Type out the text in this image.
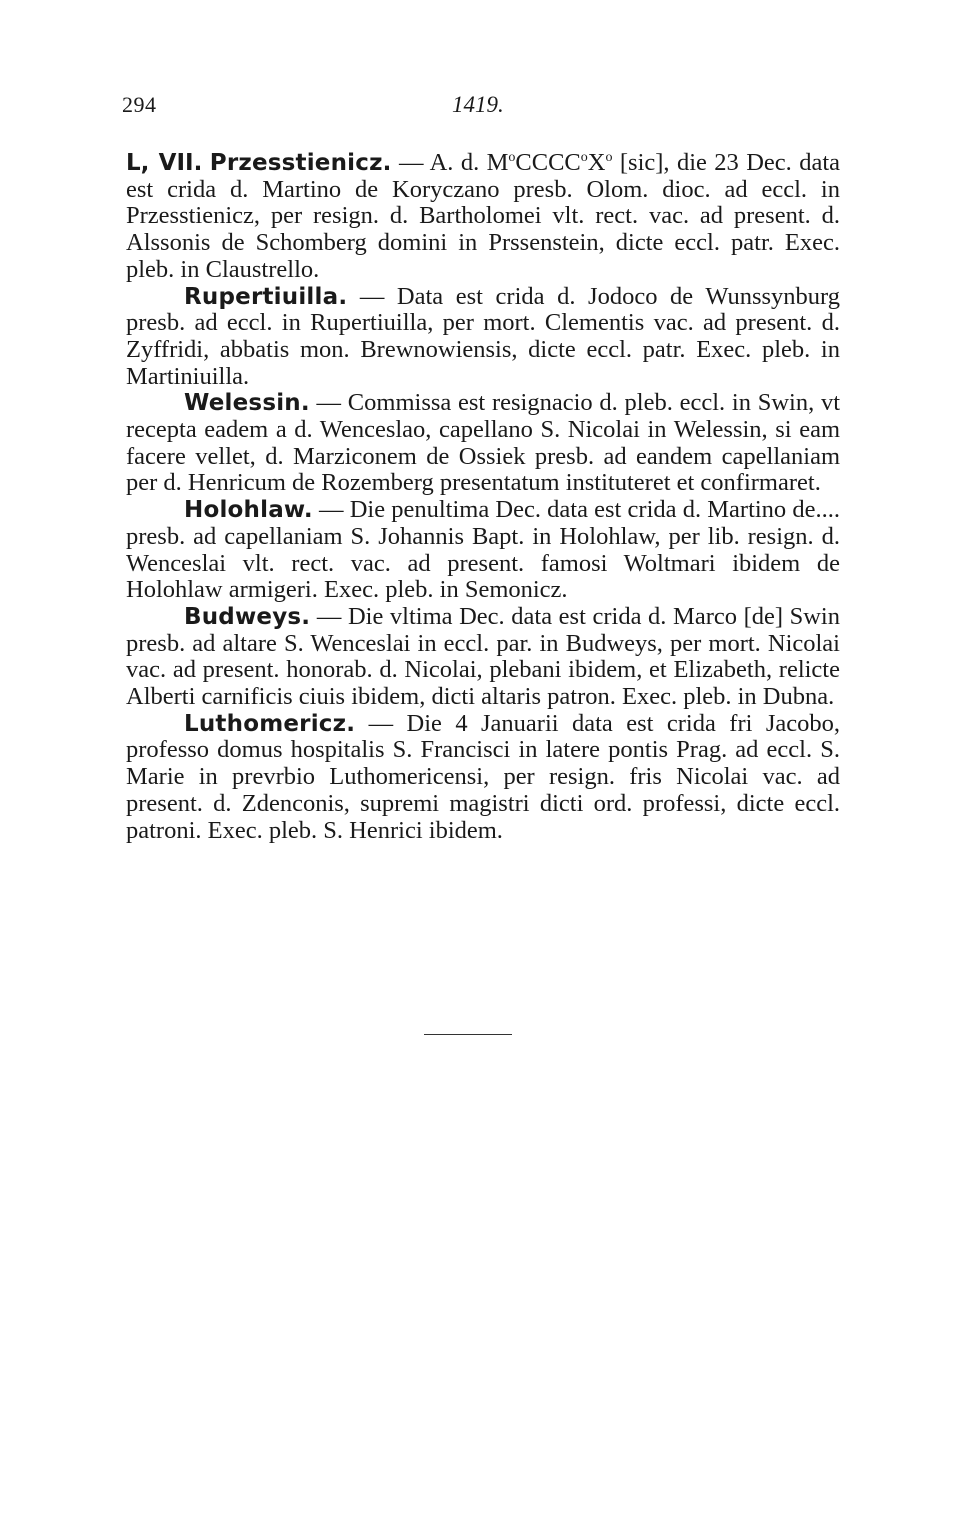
294	1419.

L, VII. Przesstienicz. — A. d. $M^oCCCC^oX^o$ [sic], die 23 Dec. data est crida d. Martino de Koryczano presb. Olom. dioc. ad eccl. in Przesstienicz, per resign. d. Bartholomei vlt. rect. vac. ad present. d. Alssonis de Schomberg domini in Prssenstein, dicte eccl. patr. Exec. pleb. in Claustrello.

Rupertiuilla. — Data est crida d. Jodoco de Wunssynburg presb. ad eccl. in Rupertiuilla, per mort. Clementis vac. ad present. d. Zyffridi, abbatis mon. Brewnowiensis, dicte eccl. patr. Exec. pleb. in Martiniuilla.

Welessin. — Commissa est resignacio d. pleb. eccl. in Swin, vt recepta eadem a d. Wenceslao, capellano S. Nicolai in Welessin, si eam facere vellet, d. Marziconem de Ossiek presb. ad eandem capellaniam per d. Henricum de Rozemberg presentatum instituteret et confirmaret.

Holohlaw. — Die penultima Dec. data est crida d. Martino de.... presb. ad capellaniam S. Johannis Bapt. in Holohlaw, per lib. resign. d. Wenceslai vlt. rect. vac. ad present. famosi Woltmari ibidem de Holohlaw armigeri. Exec. pleb. in Semonicz.

Budweys. — Die vltima Dec. data est crida d. Marco [de] Swin presb. ad altare S. Wenceslai in eccl. par. in Budweys, per mort. Nicolai vac. ad present. honorab. d. Nicolai, plebani ibidem, et Elizabeth, relicte Alberti carnificis ciuis ibidem, dicti altaris patron. Exec. pleb. in Dubna.

Luthomericz. — Die 4 Januarii data est crida fri Jacobo, professo domus hospitalis S. Francisci in latere pontis Prag. ad eccl. S. Marie in prevrbio Luthomericensi, per resign. fris Nicolai vac. ad present. d. Zdenconis, supremi magistri dicti ord. professi, dicte eccl. patroni. Exec. pleb. S. Henrici ibidem.
